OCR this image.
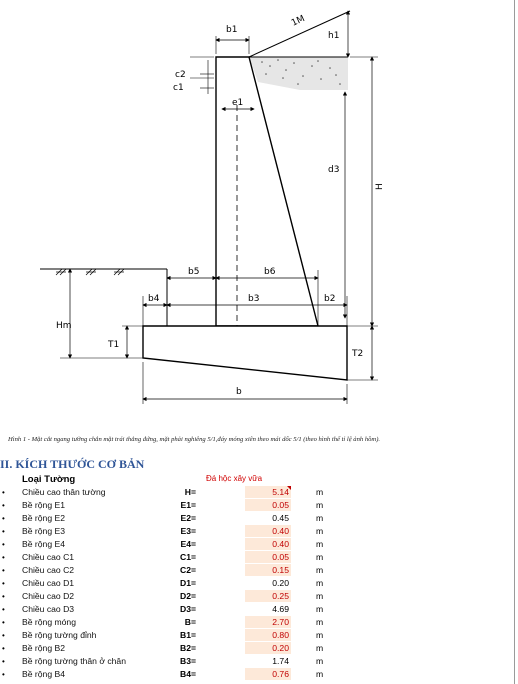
b1
1M
h1
c2
c1
e1
d3
H
b5	b6
b4	b3	b2
Hm
T1
T2
b
Hình 1 - Mặt cắt ngang tường chắn mặt trái thẳng đứng, mặt phải nghiêng 5/1,đáy móng xiên theo mái dốc 5/1 (theo hình thể tỉ lệ ảnh hồm).
II. KÍCH THƯỚC CƠ BẢN
Loại Tường	Đá hộc xây vữa
• Chiều cao thân tường	H=	5.14	m
• Bề rộng E1	E1=	0.05	m
• Bề rộng E2	E2=	0.45	m
• Bề rộng E3	E3=	0.40	m
• Bề rộng E4	E4=	0.40	m
• Chiều cao C1	C1=	0.05	m
• Chiều cao C2	C2=	0.15	m
• Chiều cao D1	D1=	0.20	m
• Chiều cao D2	D2=	0.25	m
• Chiều cao D3	D3=	4.69	m
• Bề rộng móng	B=	2.70	m
• Bề rộng tường đỉnh	B1=	0.80	m
• Bề rộng B2	B2=	0.20	m
• Bề rộng tường thân ở chân	B3=	1.74	m
• Bề rộng B4	B4=	0.76	m
